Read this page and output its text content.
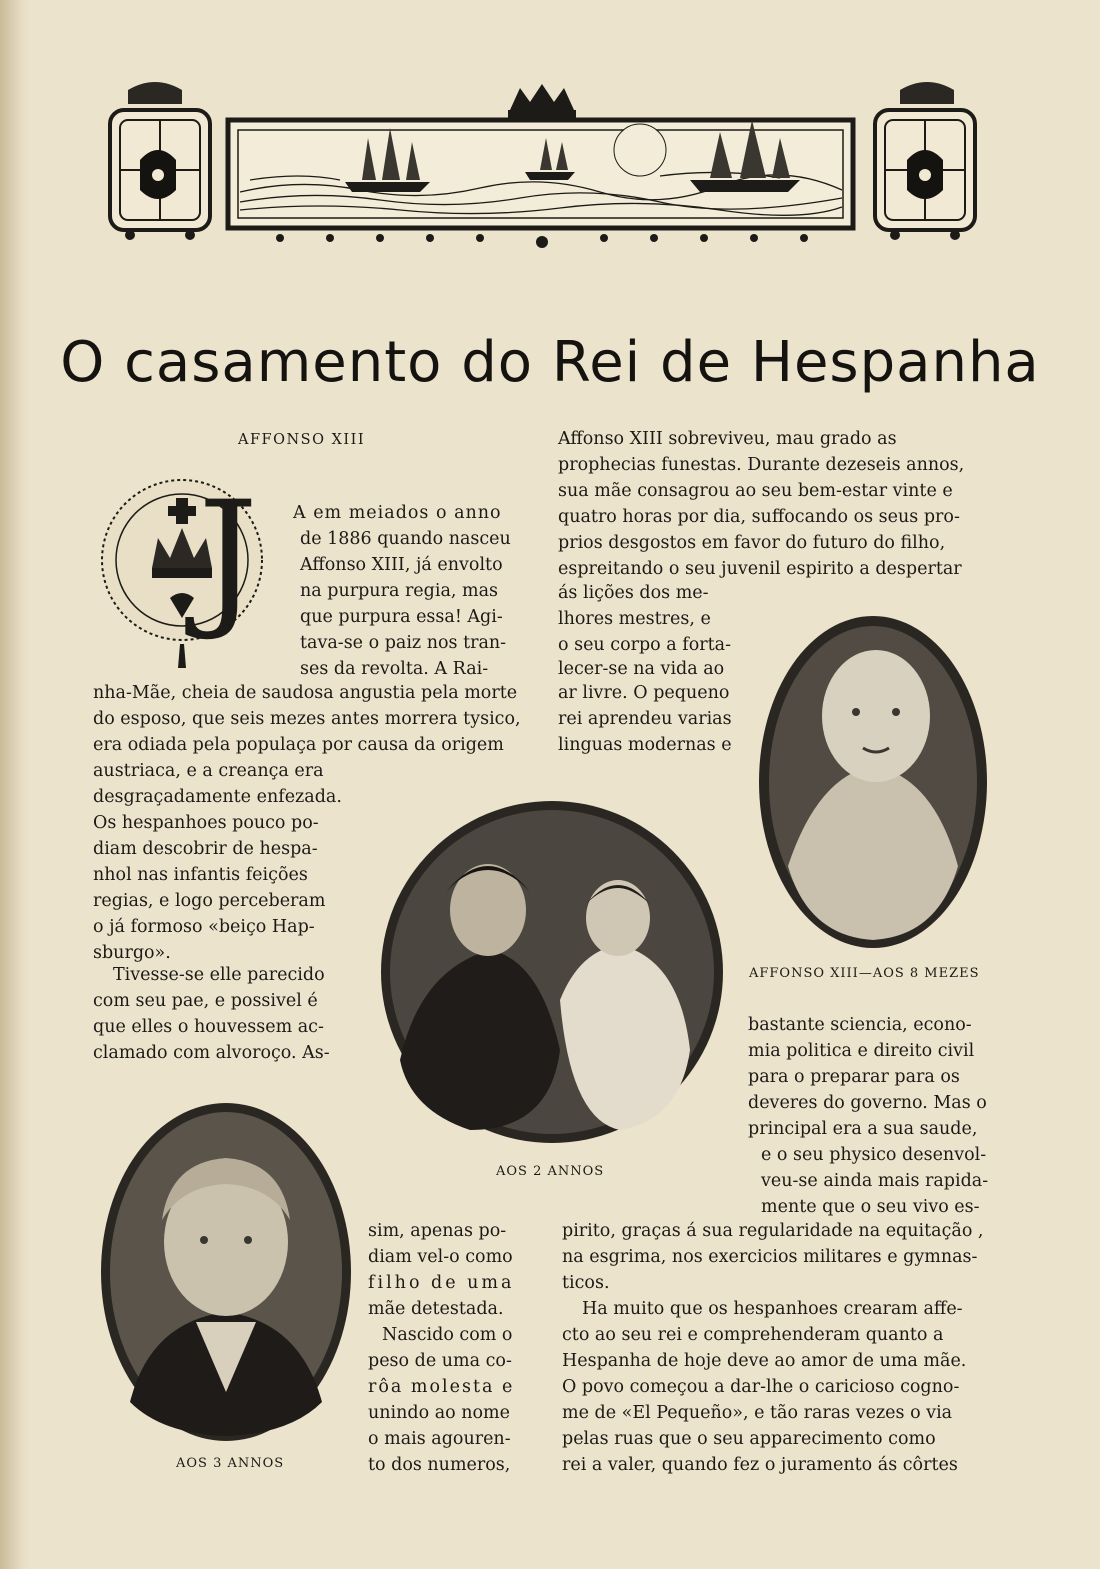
O casamento do Rei de Hespanha
AFFONSO XIII
J A em meiados o anno
de 1886 quando nasceu
Affonso XIII, já envolto
na purpura regia, mas
que purpura essa! Agi-
tava-se o paiz nos tran-
ses da revolta. A Rai-
nha-Mãe, cheia de saudosa angustia pela morte
do esposo, que seis mezes antes morrera tysico,
era odiada pela populaça por causa da origem
austriaca, e a creança era
desgraçadamente enfezada.
Os hespanhoes pouco po-
diam descobrir de hespa-
nhol nas infantis feições
regias, e logo perceberam
o já formoso «beiço Hap-
sburgo».
Tivesse-se elle parecido
com seu pae, e possivel é
que elles o houvessem ac-
clamado com alvoroço. As-
Affonso XIII sobreviveu, mau grado as
prophecias funestas. Durante dezeseis annos,
sua mãe consagrou ao seu bem-estar vinte e
quatro horas por dia, suffocando os seus pro-
prios desgostos em favor do futuro do filho,
espreitando o seu juvenil espirito a despertar
ás lições dos me-
lhores mestres, e
o seu corpo a forta-
lecer-se na vida ao
ar livre. O pequeno
rei aprendeu varias
linguas modernas e
AFFONSO XIII—AOS 8 MEZES
bastante sciencia, econo-
mia politica e direito civil
para o preparar para os
deveres do governo. Mas o
principal era a sua saude,
e o seu physico desenvol-
veu-se ainda mais rapida-
mente que o seu vivo es-
AOS 2 ANNOS
AOS 3 ANNOS
sim, apenas po-
diam vel-o como
filho de uma
mãe detestada.
Nascido com o
peso de uma co-
rôa molesta e
unindo ao nome
o mais agouren-
to dos numeros,
pirito, graças á sua regularidade na equitação ,
na esgrima, nos exercicios militares e gymnas-
ticos.
Ha muito que os hespanhoes crearam affe-
cto ao seu rei e comprehenderam quanto a
Hespanha de hoje deve ao amor de uma mãe.
O povo começou a dar-lhe o caricioso cogno-
me de «El Pequeño», e tão raras vezes o via
pelas ruas que o seu apparecimento como
rei a valer, quando fez o juramento ás côrtes
